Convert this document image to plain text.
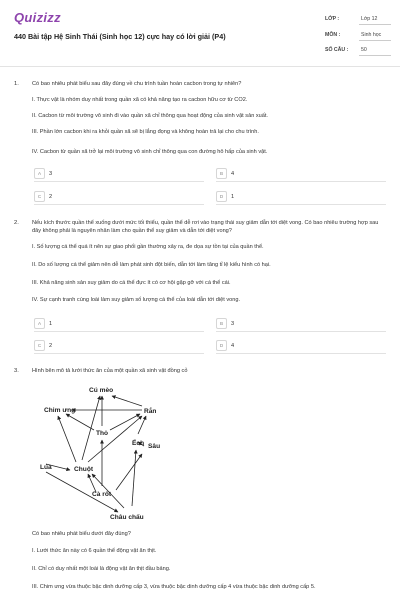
Quizizz
440 Bài tập Hệ Sinh Thái (Sinh học 12) cực hay có lời giải (P4)
LỚP :	Lớp 12
MÔN :	Sinh học
SỐ CÂU : 50
1. Có bao nhiêu phát biểu sau đây đúng về chu trình tuần hoàn cacbon trong tự nhiên?
I. Thực vật là nhóm duy nhất trong quần xã có khả năng tạo ra cacbon hữu cơ từ CO2.
II. Cacbon từ môi trường vô sinh đi vào quần xã chỉ thông qua hoạt động của sinh vật sản xuất.
III. Phần lớn cacbon khi ra khỏi quần xã sẽ bị lắng đọng và không hoàn trả lại cho chu trình.
IV. Cacbon từ quần xã trở lại môi trường vô sinh chỉ thông qua con đường hô hấp của sinh vật.
A 3	B 4
C 2	D 1
2. Nếu kích thước quần thể xuống dưới mức tối thiểu, quần thể dễ rơi vào trạng thái suy giảm dẫn tới diệt vong. Có bao nhiêu trường hợp sau đây không phải là nguyên nhân làm cho quần thể suy giảm và dẫn tới diệt vong?
I. Số lượng cá thể quá ít nên sự giao phối gần thường xảy ra, đe dọa sự tồn tại của quần thể.
II. Do số lượng cá thể giảm nên dễ làm phát sinh đột biến, dẫn tới làm tăng tỉ lệ kiểu hình có hại.
III. Khả năng sinh sản suy giảm do cá thể đực ít có cơ hội gặp gỡ với cá thể cái.
IV. Sự cạnh tranh cùng loài làm suy giảm số lượng cá thể của loài dẫn tới diệt vong.
A 1	B 3
C 2	D 4
3. Hình bên mô tả lưới thức ăn của một quần xã sinh vật đồng cỏ
Cú mèo
Chim ưng	Rắn
Thỏ
Ếch
Chuột
Sâu
Lúa
Cà rốt
Châu chấu
Có bao nhiêu phát biểu dưới đây đúng?
I. Lưới thức ăn này có 6 quần thể động vật ăn thịt.
II. Chỉ có duy nhất một loài là động vật ăn thịt đầu bảng.
III. Chim ưng vừa thuộc bậc dinh dưỡng cấp 3, vừa thuộc bậc dinh dưỡng cấp 4 vừa thuộc bậc dinh dưỡng cấp 5.
